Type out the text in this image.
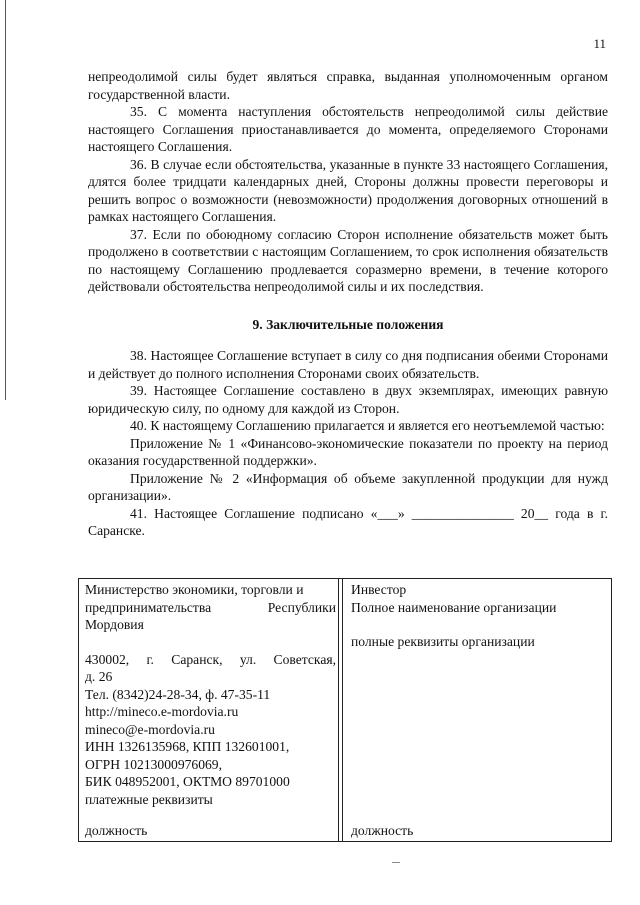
11

непреодолимой силы будет являться справка, выданная уполномоченным органом государственной власти.

35. С момента наступления обстоятельств непреодолимой силы действие настоящего Соглашения приостанавливается до момента, определяемого Сторонами настоящего Соглашения.

36. В случае если обстоятельства, указанные в пункте 33 настоящего Соглашения, длятся более тридцати календарных дней, Стороны должны провести переговоры и решить вопрос о возможности (невозможности) продолжения договорных отношений в рамках настоящего Соглашения.

37. Если по обоюдному согласию Сторон исполнение обязательств может быть продолжено в соответствии с настоящим Соглашением, то срок исполнения обязательств по настоящему Соглашению продлевается соразмерно времени, в течение которого действовали обстоятельства непреодолимой силы и их последствия.

9. Заключительные положения

38. Настоящее Соглашение вступает в силу со дня подписания обеими Сторонами и действует до полного исполнения Сторонами своих обязательств.

39. Настоящее Соглашение составлено в двух экземплярах, имеющих равную юридическую силу, по одному для каждой из Сторон.

40. К настоящему Соглашению прилагается и является его неотъемлемой частью:

Приложение № 1 «Финансово-экономические показатели по проекту на период оказания государственной поддержки».

Приложение № 2 «Информация об объеме закупленной продукции для нужд организации».

41. Настоящее Соглашение подписано «___» _______________ 20__ года в г. Саранске.

Министерство экономики, торговли и

предпринимательства Республики

Мордовия

430002, г. Саранск, ул. Советская,

д. 26

Тел. (8342)24-28-34, ф. 47-35-11

http://mineco.e-mordovia.ru

mineco@e-mordovia.ru

ИНН 1326135968, КПП 132601001,

ОГРН 10213000976069,

БИК 048952001, ОКТМО 89701000

платежные реквизиты

должность

Инвестор

Полное наименование организации

полные реквизиты организации

должность
